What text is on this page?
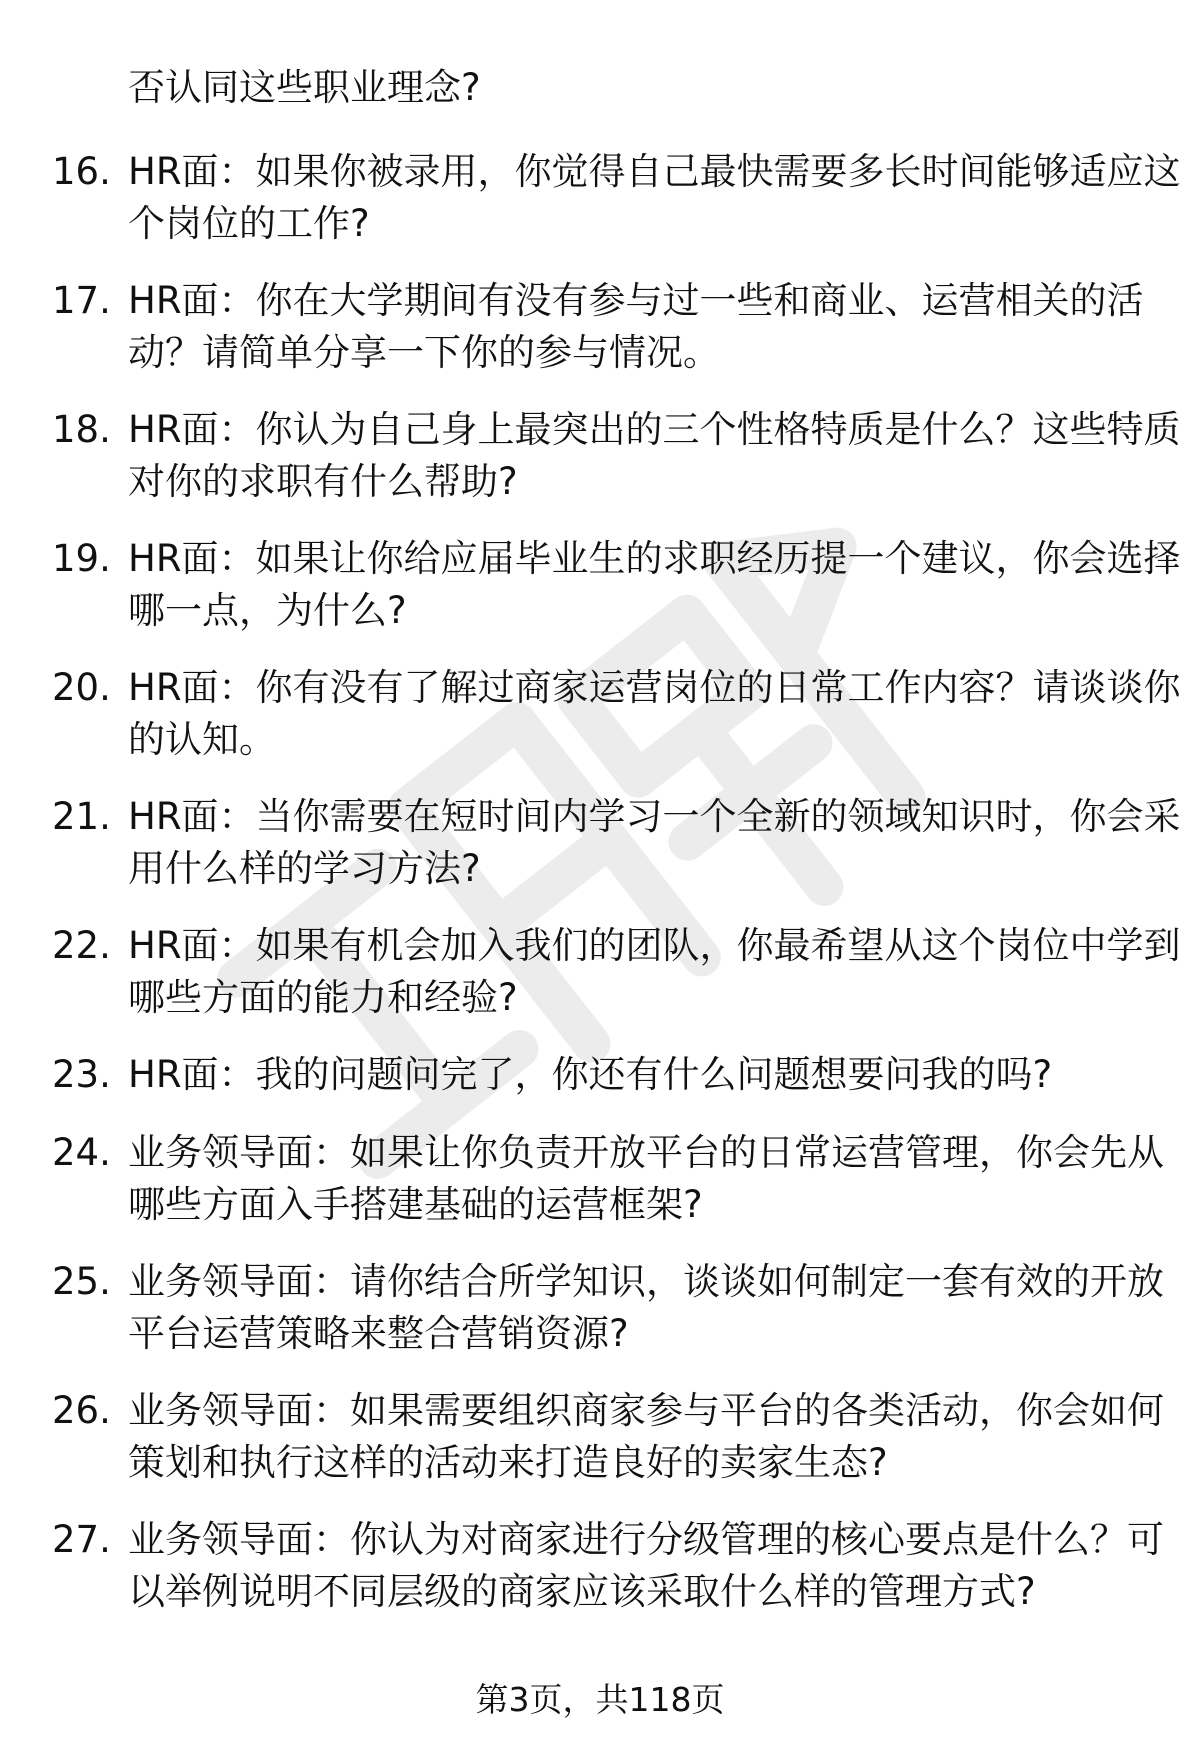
否认同这些职业理念?
16. HR面：如果你被录用，你觉得自己最快需要多长时间能够适应这
个岗位的工作?
17. HR面：你在大学期间有没有参与过一些和商业、运营相关的活
动？请简单分享一下你的参与情况。
18. HR面：你认为自己身上最突出的三个性格特质是什么？这些特质
对你的求职有什么帮助?
19. HR面：如果让你给应届毕业生的求职经历提一个建议，你会选择
哪一点，为什么?
20. HR面：你有没有了解过商家运营岗位的日常工作内容？请谈谈你
的认知。
21. HR面：当你需要在短时间内学习一个全新的领域知识时，你会采
用什么样的学习方法?
22. HR面：如果有机会加入我们的团队，你最希望从这个岗位中学到
哪些方面的能力和经验?
23. HR面：我的问题问完了，你还有什么问题想要问我的吗?
24. 业务领导面：如果让你负责开放平台的日常运营管理，你会先从
哪些方面入手搭建基础的运营框架?
25. 业务领导面：请你结合所学知识，谈谈如何制定一套有效的开放
平台运营策略来整合营销资源?
26. 业务领导面：如果需要组织商家参与平台的各类活动，你会如何
策划和执行这样的活动来打造良好的卖家生态?
27. 业务领导面：你认为对商家进行分级管理的核心要点是什么？可
以举例说明不同层级的商家应该采取什么样的管理方式?
第3页，共118页
